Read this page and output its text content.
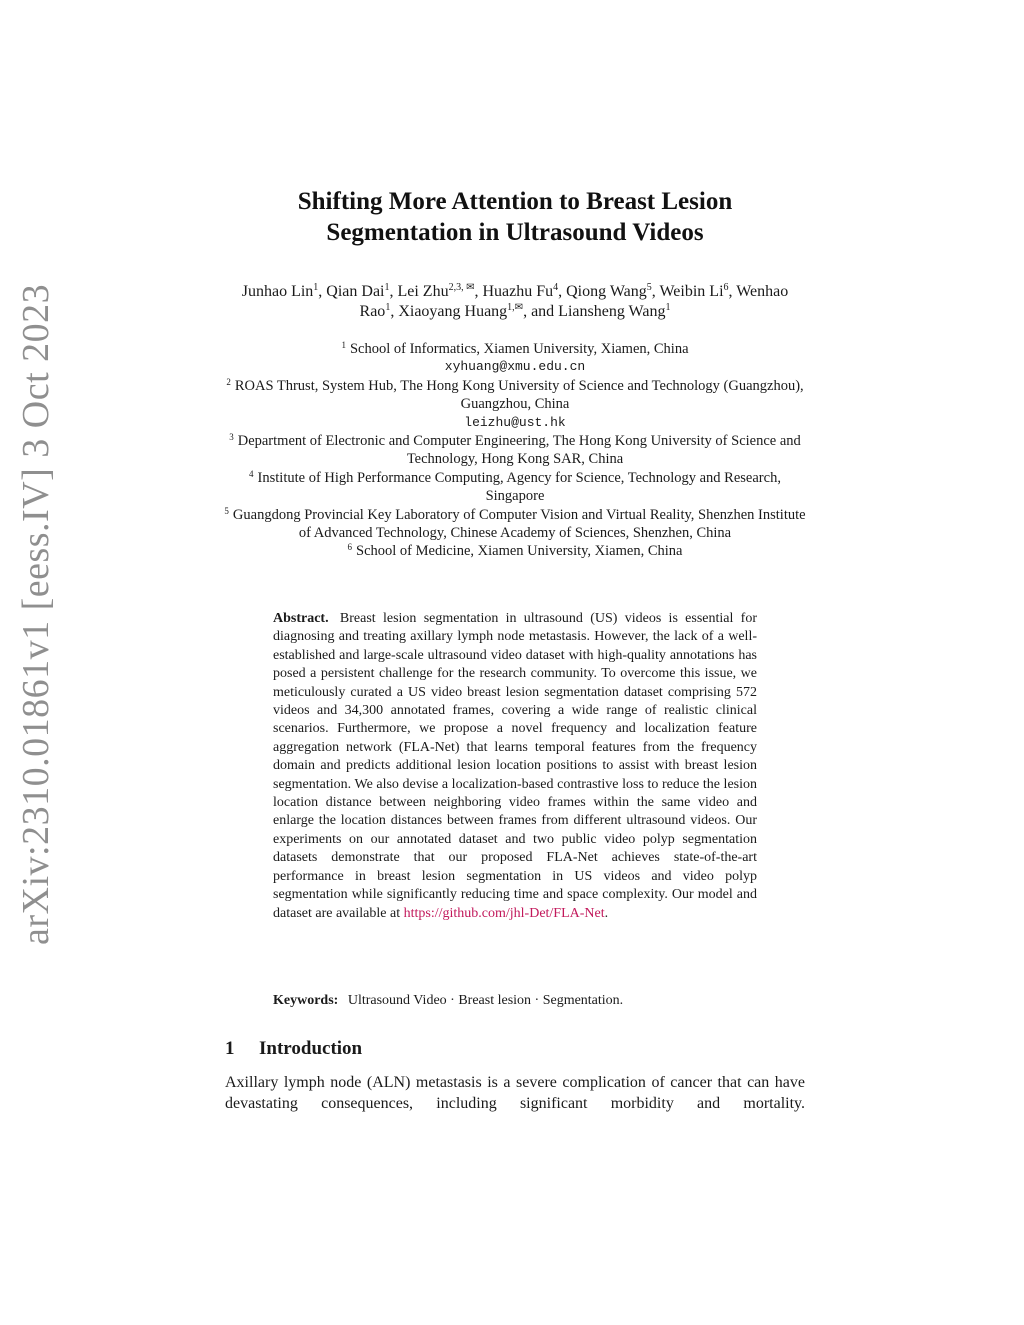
arXiv:2310.01861v1 [eess.IV] 3 Oct 2023
Shifting More Attention to Breast Lesion Segmentation in Ultrasound Videos
Junhao Lin$^1$, Qian Dai$^1$, Lei Zhu$^{2,3, ✉}$, Huazhu Fu$^4$, Qiong Wang$^5$, Weibin Li$^6$, Wenhao Rao$^1$, Xiaoyang Huang$^{1,✉}$, and Liansheng Wang$^1$
$^1$ School of Informatics, Xiamen University, Xiamen, China
xyhuang@xmu.edu.cn
$^2$ ROAS Thrust, System Hub, The Hong Kong University of Science and Technology (Guangzhou), Guangzhou, China
leizhu@ust.hk
$^3$ Department of Electronic and Computer Engineering, The Hong Kong University of Science and Technology, Hong Kong SAR, China
$^4$ Institute of High Performance Computing, Agency for Science, Technology and Research, Singapore
$^5$ Guangdong Provincial Key Laboratory of Computer Vision and Virtual Reality, Shenzhen Institute of Advanced Technology, Chinese Academy of Sciences, Shenzhen, China
$^6$ School of Medicine, Xiamen University, Xiamen, China
Abstract. Breast lesion segmentation in ultrasound (US) videos is essential for diagnosing and treating axillary lymph node metastasis. However, the lack of a well-established and large-scale ultrasound video dataset with high-quality annotations has posed a persistent challenge for the research community. To overcome this issue, we meticulously curated a US video breast lesion segmentation dataset comprising 572 videos and 34,300 annotated frames, covering a wide range of realistic clinical scenarios. Furthermore, we propose a novel frequency and localization feature aggregation network (FLA-Net) that learns temporal features from the frequency domain and predicts additional lesion location positions to assist with breast lesion segmentation. We also devise a localization-based contrastive loss to reduce the lesion location distance between neighboring video frames within the same video and enlarge the location distances between frames from different ultrasound videos. Our experiments on our annotated dataset and two public video polyp segmentation datasets demonstrate that our proposed FLA-Net achieves state-of-the-art performance in breast lesion segmentation in US videos and video polyp segmentation while significantly reducing time and space complexity. Our model and dataset are available at https://github.com/jhl-Det/FLA-Net.
Keywords: Ultrasound Video · Breast lesion · Segmentation.
1 Introduction

Axillary lymph node (ALN) metastasis is a severe complication of cancer that can have devastating consequences, including significant morbidity and mortality.
